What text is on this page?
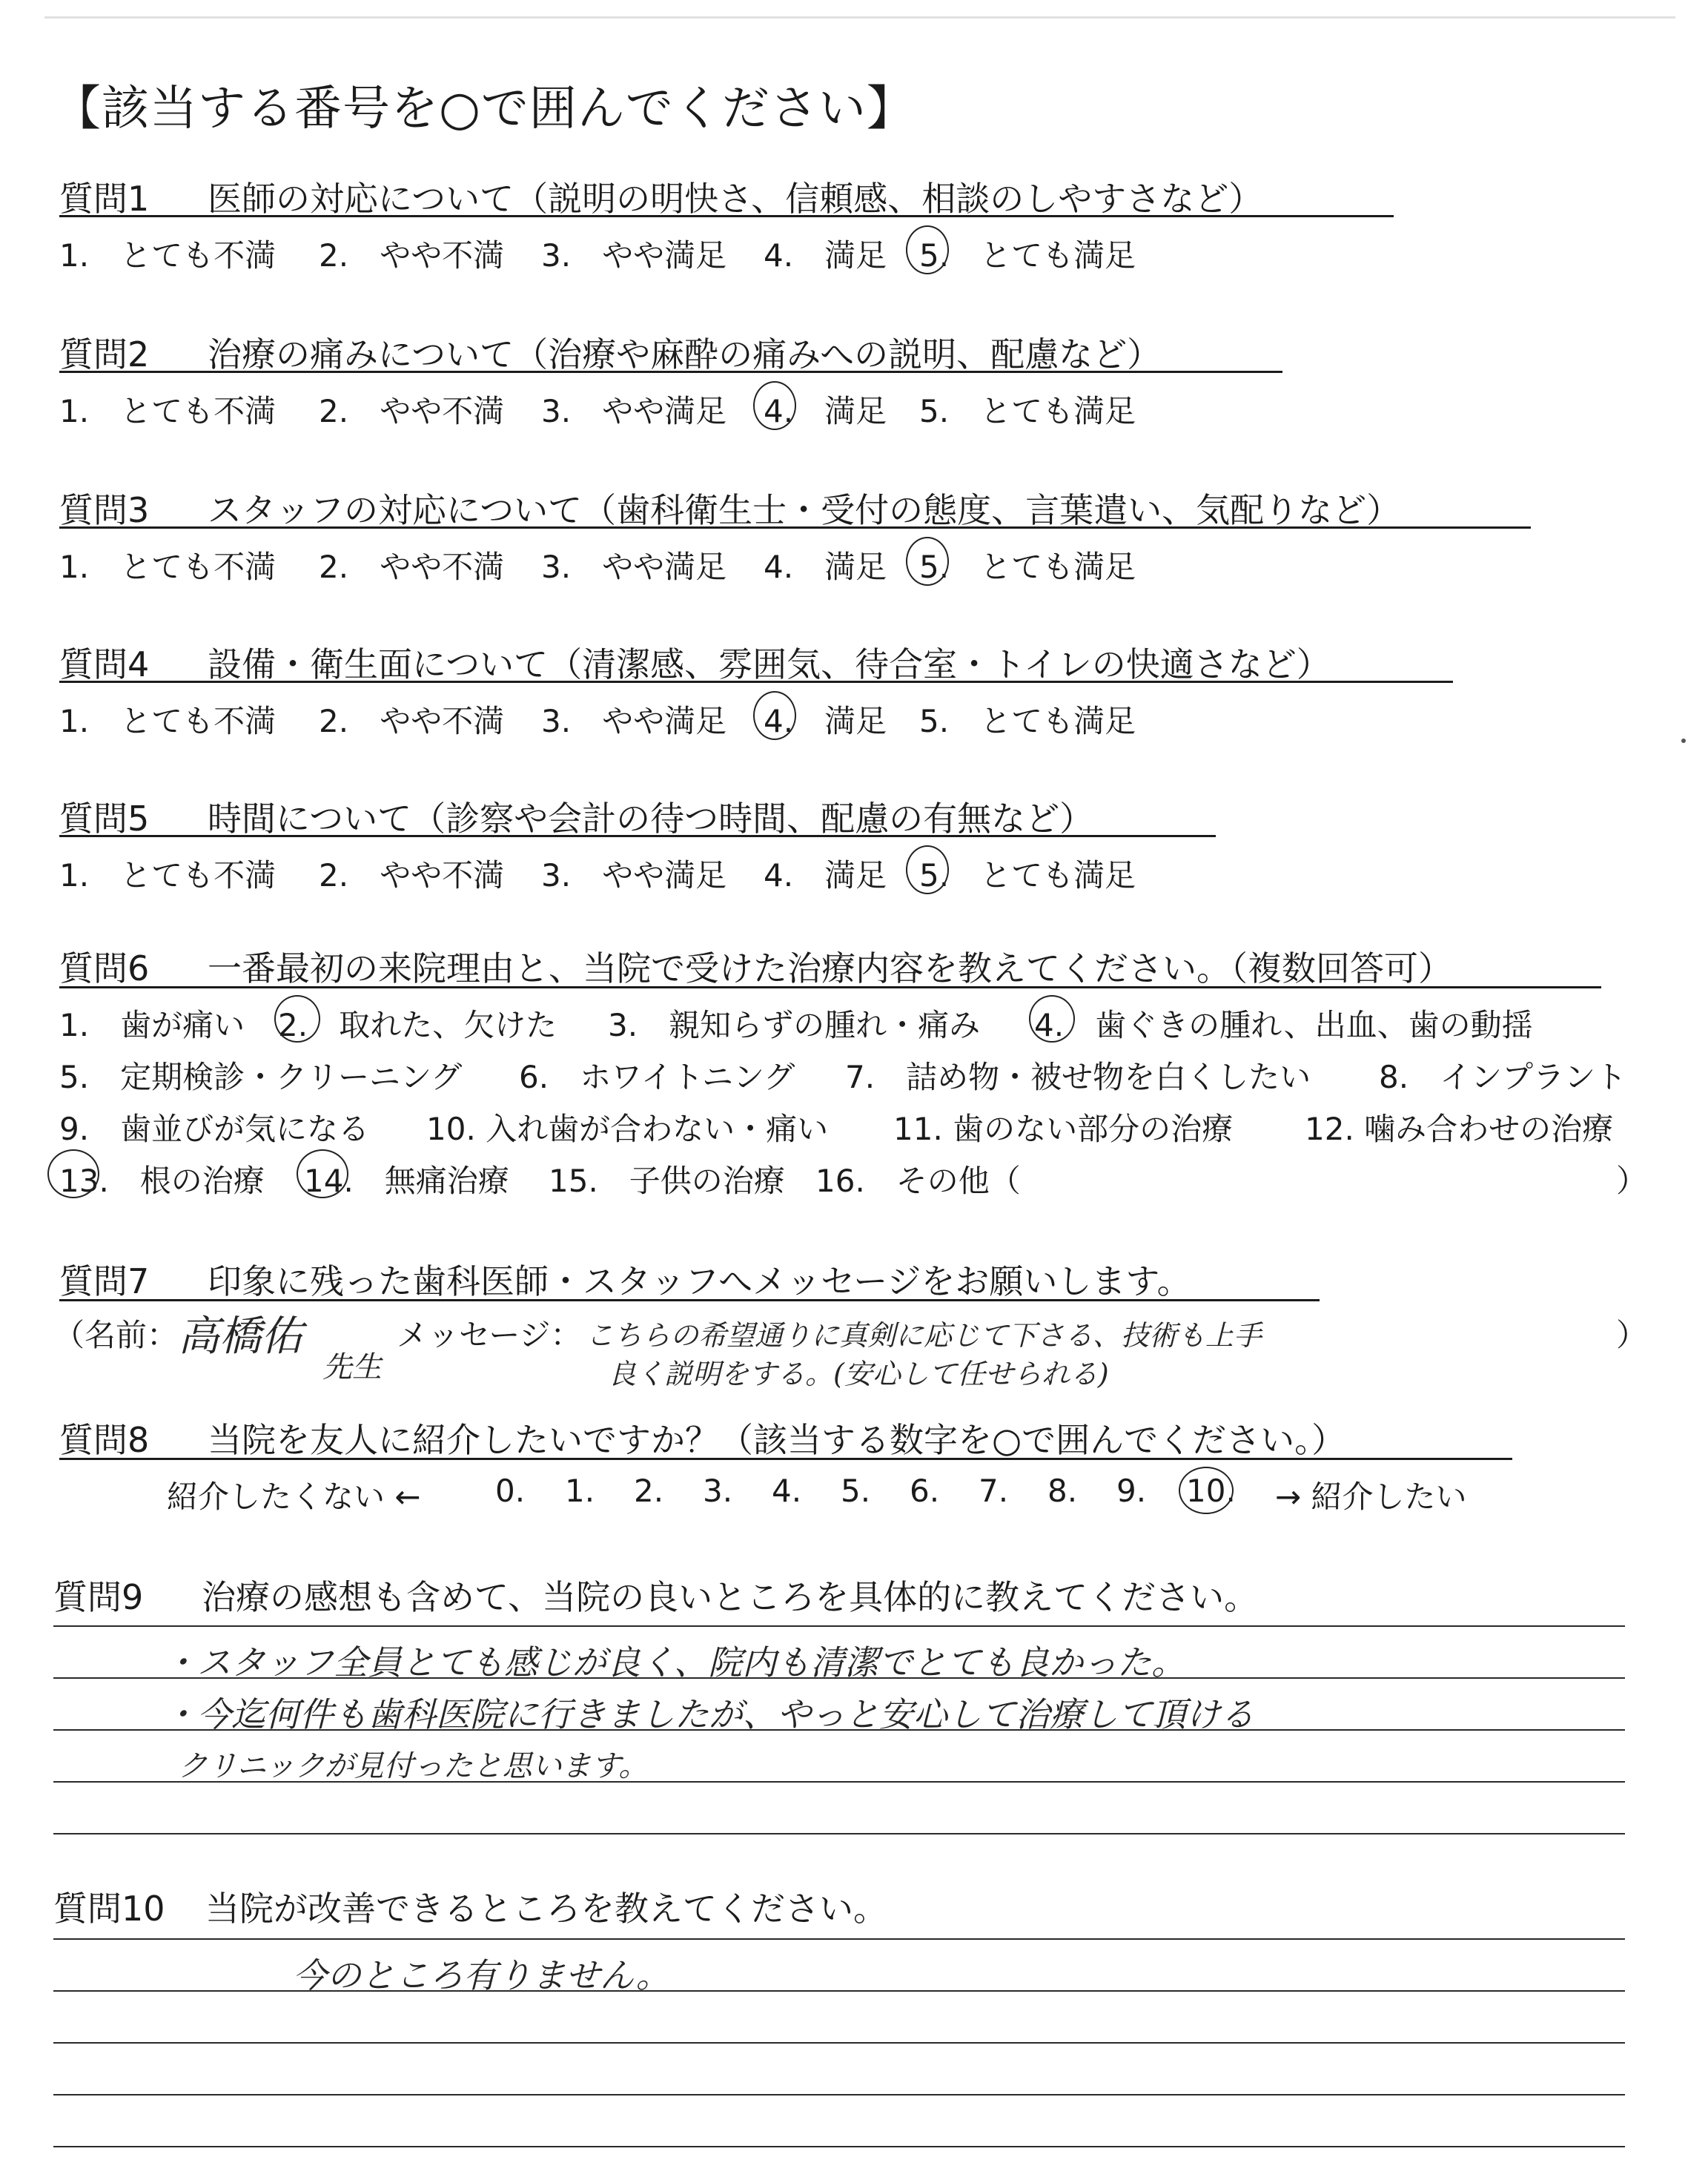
【該当する番号を○で囲んでください】
質問1 医師の対応について（説明の明快さ、信頼感、相談のしやすさなど）
1.　とても不満 2.　やや不満 3.　やや満足 4.　満足 5.　とても満足
質問2 治療の痛みについて（治療や麻酔の痛みへの説明、配慮など）
1.　とても不満 2.　やや不満 3.　やや満足 4.　満足 5.　とても満足
質問3 スタッフの対応について（歯科衛生士・受付の態度、言葉遣い、気配りなど）
1.　とても不満 2.　やや不満 3.　やや満足 4.　満足 5.　とても満足
質問4 設備・衛生面について（清潔感、雰囲気、待合室・トイレの快適さなど）
1.　とても不満 2.　やや不満 3.　やや満足 4.　満足 5.　とても満足
質問5 時間について（診察や会計の待つ時間、配慮の有無など）
1.　とても不満 2.　やや不満 3.　やや満足 4.　満足 5.　とても満足
質問6 一番最初の来院理由と、当院で受けた治療内容を教えてください。（複数回答可）
1.　歯が痛い 2.　取れた、欠けた 3.　親知らずの腫れ・痛み 4.　歯ぐきの腫れ、出血、歯の動揺
5.　定期検診・クリーニング 6.　ホワイトニング 7.　詰め物・被せ物を白くしたい 8.　インプラント
9.　歯並びが気になる 10. 入れ歯が合わない・痛い 11. 歯のない部分の治療 12. 噛み合わせの治療
13.　根の治療 14.　無痛治療 15.　子供の治療 16.　その他（	）
質問7 印象に残った歯科医師・スタッフへメッセージをお願いします。
（名前： 高橋佑
先生
メッセージ： こちらの希望通りに真剣に応じて下さる、技術も上手
良く説明をする。(安心して任せられる)
）
質問8 当院を友人に紹介したいですか？（該当する数字を○で囲んでください。）
紹介したくない ← 0. 1. 2. 3. 4. 5. 6. 7. 8. 9. 10. → 紹介したい
質問9 治療の感想も含めて、当院の良いところを具体的に教えてください。
・スタッフ全員とても感じが良く、院内も清潔でとても良かった。
・今迄何件も歯科医院に行きましたが、やっと安心して治療して頂ける
クリニックが見付ったと思います。
質問10 当院が改善できるところを教えてください。
今のところ有りません。
